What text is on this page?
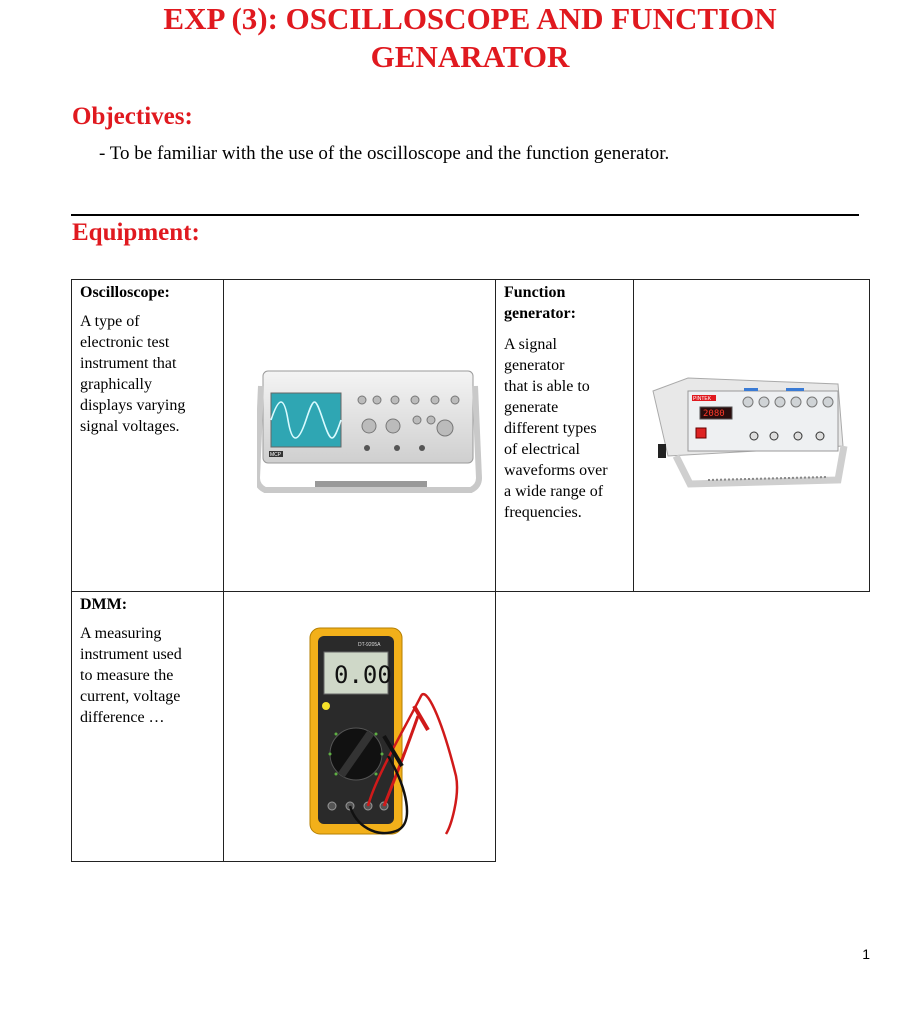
EXP (3): OSCILLOSCOPE AND FUNCTION
GENARATOR
Objectives:
- To be familiar with the use of the oscilloscope and the function generator.
Equipment:
Oscilloscope:
A type of
electronic test
instrument that
graphically
displays varying
signal voltages.
MCP
Function
generator:
A signal
generator
that is able to
generate
different types
of electrical
waveforms over
a wide range of
frequencies.
PINTEK
2080
DMM:
A measuring
instrument used
to measure the
current, voltage
difference …
DT-9205A
0.00
1
